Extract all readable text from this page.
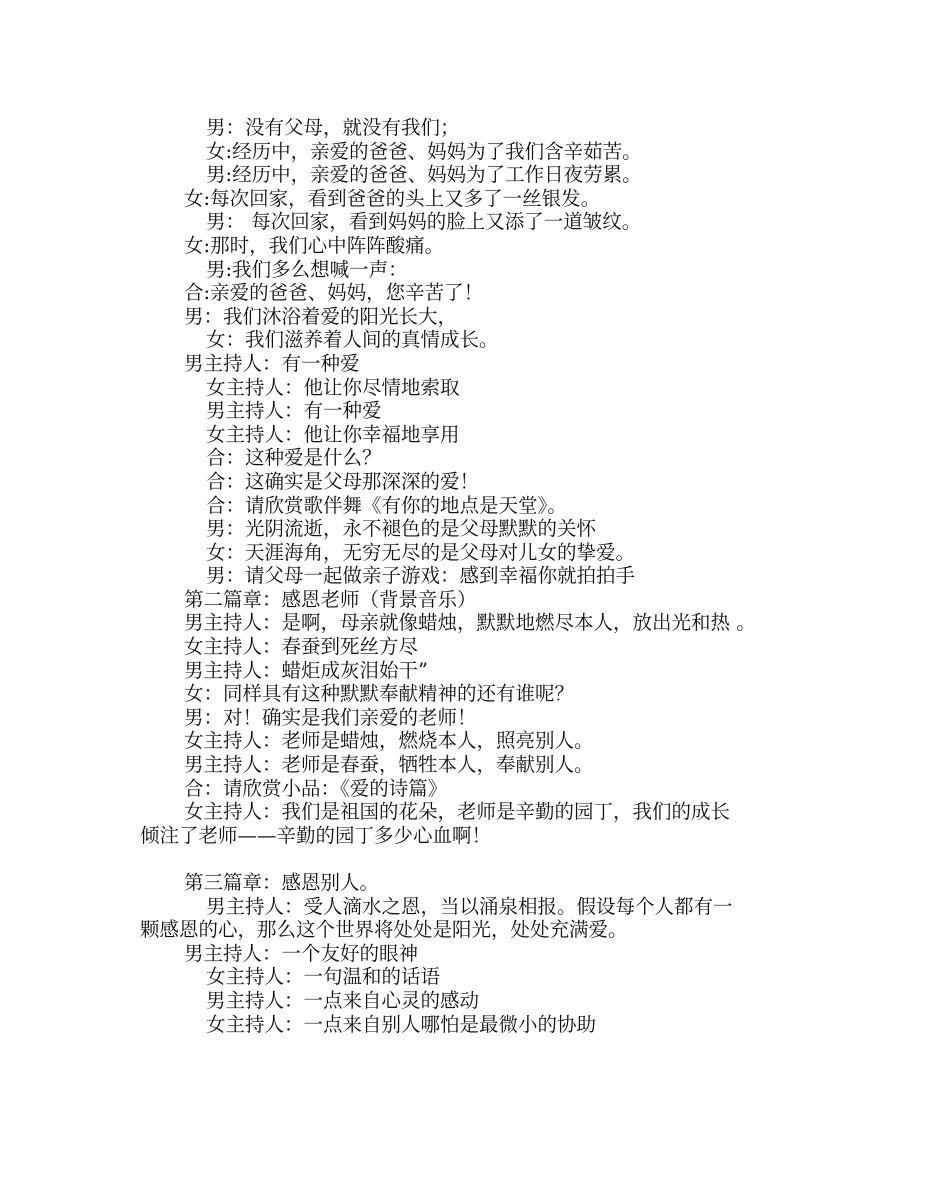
男：没有父母，就没有我们；
女:经历中，亲爱的爸爸、妈妈为了我们含辛茹苦。
男:经历中，亲爱的爸爸、妈妈为了工作日夜劳累。
女:每次回家，看到爸爸的头上又多了一丝银发。
男： 每次回家，看到妈妈的脸上又添了一道皱纹。
女:那时，我们心中阵阵酸痛。
男:我们多么想喊一声：
合:亲爱的爸爸、妈妈，您辛苦了！
男：我们沐浴着爱的阳光长大，
女：我们滋养着人间的真情成长。
男主持人：有一种爱
女主持人：他让你尽情地索取
男主持人：有一种爱
女主持人：他让你幸福地享用
合：这种爱是什么？
合：这确实是父母那深深的爱！
合：请欣赏歌伴舞《有你的地点是天堂》。
男：光阴流逝，永不褪色的是父母默默的关怀
女：天涯海角，无穷无尽的是父母对儿女的挚爱。
男：请父母一起做亲子游戏：感到幸福你就拍拍手
第二篇章：感恩老师（背景音乐）
男主持人：是啊，母亲就像蜡烛，默默地燃尽本人，放出光和热 。
女主持人：春蚕到死丝方尽
男主持人：蜡炬成灰泪始干”
女：同样具有这种默默奉献精神的还有谁呢？
男：对！确实是我们亲爱的老师！
女主持人：老师是蜡烛，燃烧本人，照亮别人。
男主持人：老师是春蚕，牺牲本人，奉献别人。
合：请欣赏小品：《爱的诗篇》
女主持人：我们是祖国的花朵，老师是辛勤的园丁，我们的成长
倾注了老师——辛勤的园丁多少心血啊！
第三篇章：感恩别人。
男主持人：受人滴水之恩，当以涌泉相报。假设每个人都有一
颗感恩的心，那么这个世界将处处是阳光，处处充满爱。
男主持人：一个友好的眼神
女主持人：一句温和的话语
男主持人：一点来自心灵的感动
女主持人：一点来自别人哪怕是最微小的协助
